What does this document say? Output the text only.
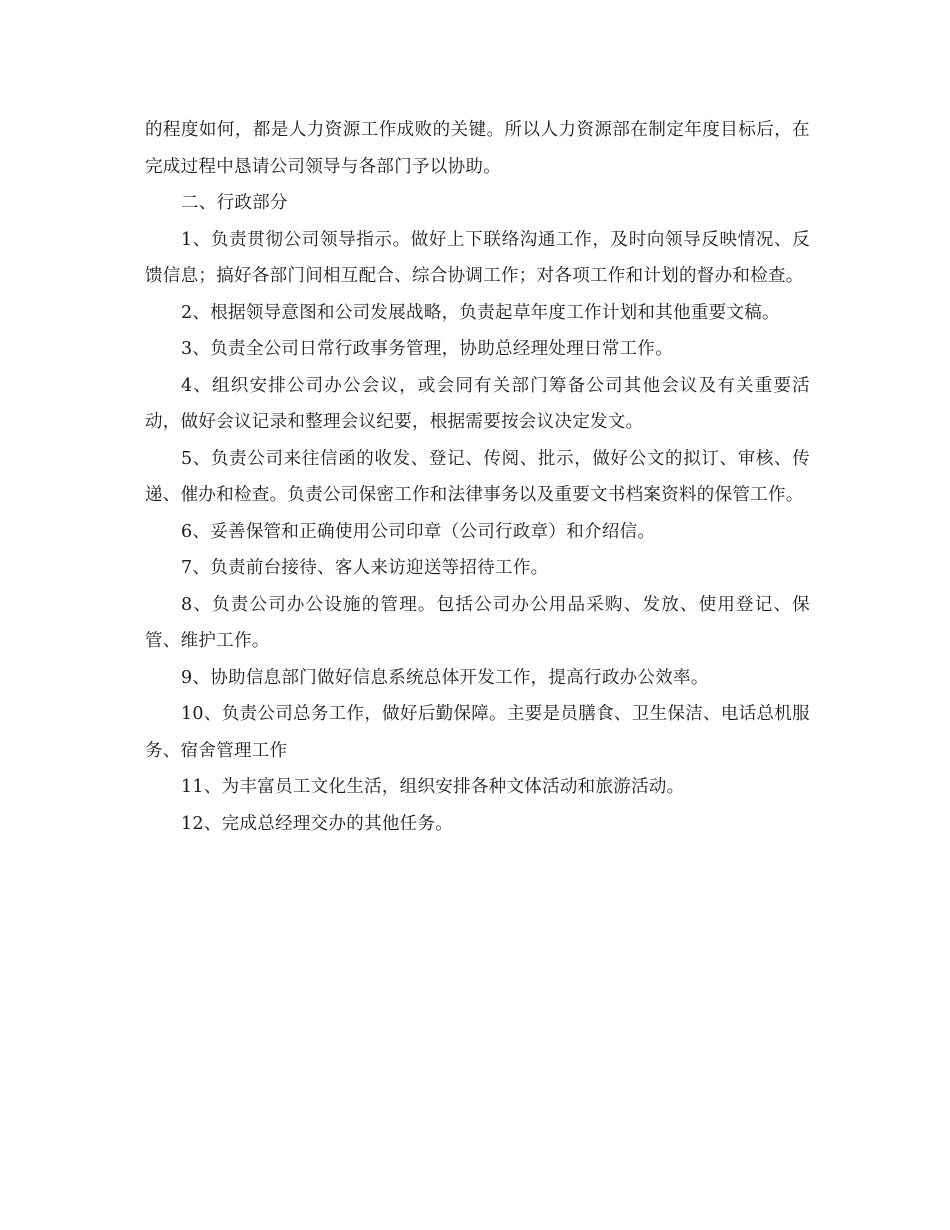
的程度如何，都是人力资源工作成败的关键。所以人力资源部在制定年度目标后，在完成过程中恳请公司领导与各部门予以协助。

二、行政部分

1、负责贯彻公司领导指示。做好上下联络沟通工作，及时向领导反映情况、反馈信息；搞好各部门间相互配合、综合协调工作；对各项工作和计划的督办和检查。

2、根据领导意图和公司发展战略，负责起草年度工作计划和其他重要文稿。

3、负责全公司日常行政事务管理，协助总经理处理日常工作。

4、组织安排公司办公会议，或会同有关部门筹备公司其他会议及有关重要活动，做好会议记录和整理会议纪要，根据需要按会议决定发文。

5、负责公司来往信函的收发、登记、传阅、批示，做好公文的拟订、审核、传递、催办和检查。负责公司保密工作和法律事务以及重要文书档案资料的保管工作。

6、妥善保管和正确使用公司印章（公司行政章）和介绍信。

7、负责前台接待、客人来访迎送等招待工作。

8、负责公司办公设施的管理。包括公司办公用品采购、发放、使用登记、保管、维护工作。

9、协助信息部门做好信息系统总体开发工作，提高行政办公效率。

10、负责公司总务工作，做好后勤保障。主要是员膳食、卫生保洁、电话总机服务、宿舍管理工作

11、为丰富员工文化生活，组织安排各种文体活动和旅游活动。

12、完成总经理交办的其他任务。
